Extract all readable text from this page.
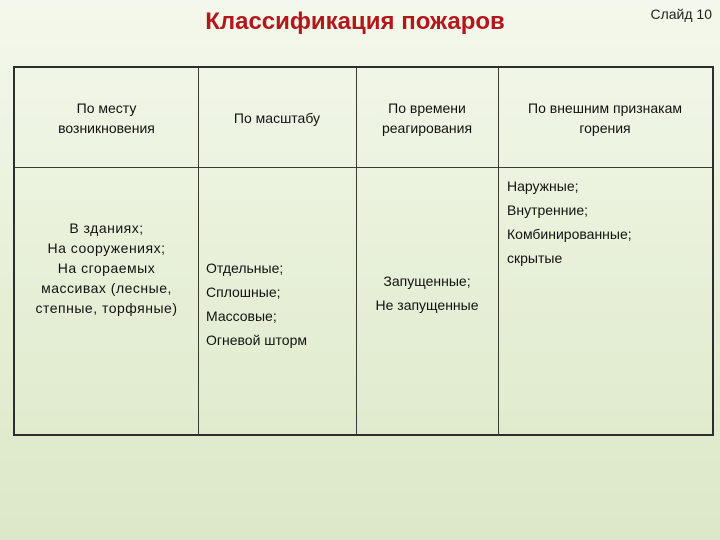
Слайд 10
Классификация пожаров
По месту
возникновения
По масштабу
По времени
реагирования
По внешним признакам
горения
В зданиях;
На сооружениях;
На сгораемых
массивах (лесные,
степные, торфяные)
Отдельные;
Сплошные;
Массовые;
Огневой шторм
Запущенные;
Не запущенные
Наружные;
Внутренние;
Комбинированные;
скрытые
